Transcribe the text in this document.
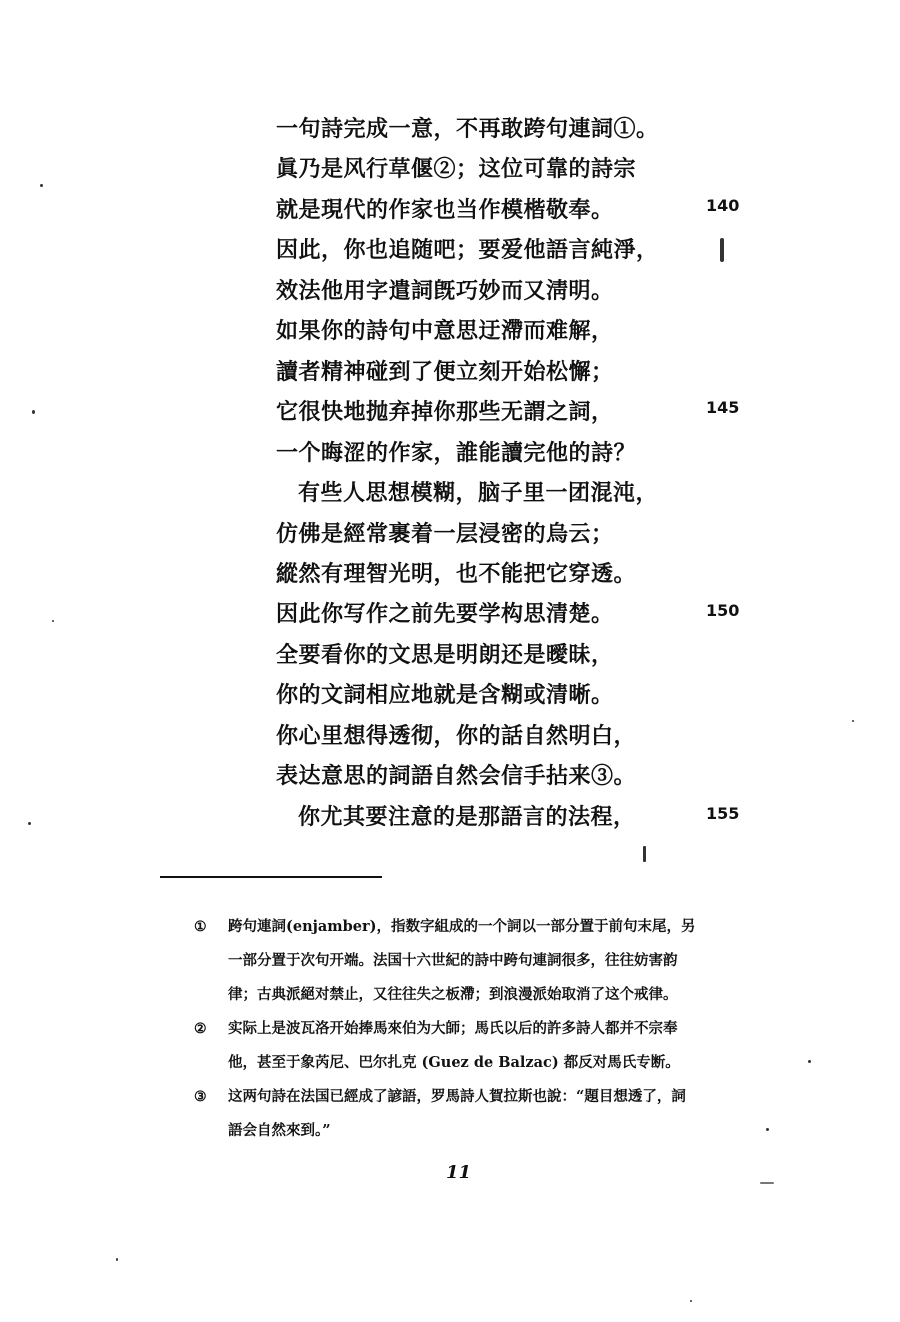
一句詩完成一意，不再敢跨句連詞①。
眞乃是风行草偃②；这位可靠的詩宗
就是現代的作家也当作模楷敬奉。
因此，你也追随吧；要爱他語言純淨，
效法他用字遣詞旣巧妙而又淸明。
如果你的詩句中意思迂滯而难解，
讀者精神碰到了便立刻开始松懈；
它很快地抛弃掉你那些无謂之詞，
一个晦涩的作家，誰能讀完他的詩？
有些人思想模糊，脑子里一团混沌，
仿佛是經常裹着一层浸密的烏云；
縱然有理智光明，也不能把它穿透。
因此你写作之前先要学构思清楚。
全要看你的文思是明朗还是曖昧，
你的文詞相应地就是含糊或清晰。
你心里想得透彻，你的話自然明白，
表达意思的詞語自然会信手拈来③。
你尤其要注意的是那語言的法程，
140
145
150
155
① 跨句連詞(enjamber)，指数字組成的一个詞以一部分置于前句末尾，另
一部分置于次句开端。法国十六世紀的詩中跨句連詞很多，往往妨害韵
律；古典派絕对禁止，又往往失之板滯；到浪漫派始取消了这个戒律。
② 实际上是波瓦洛开始捧馬來伯为大師；馬氏以后的許多詩人都并不宗奉
他，甚至于象芮尼、巴尔扎克 (Guez de Balzac) 都反对馬氏专断。
③ 这两句詩在法国已經成了諺語，罗馬詩人賀拉斯也說：“題目想透了，詞
語会自然來到。”
11
